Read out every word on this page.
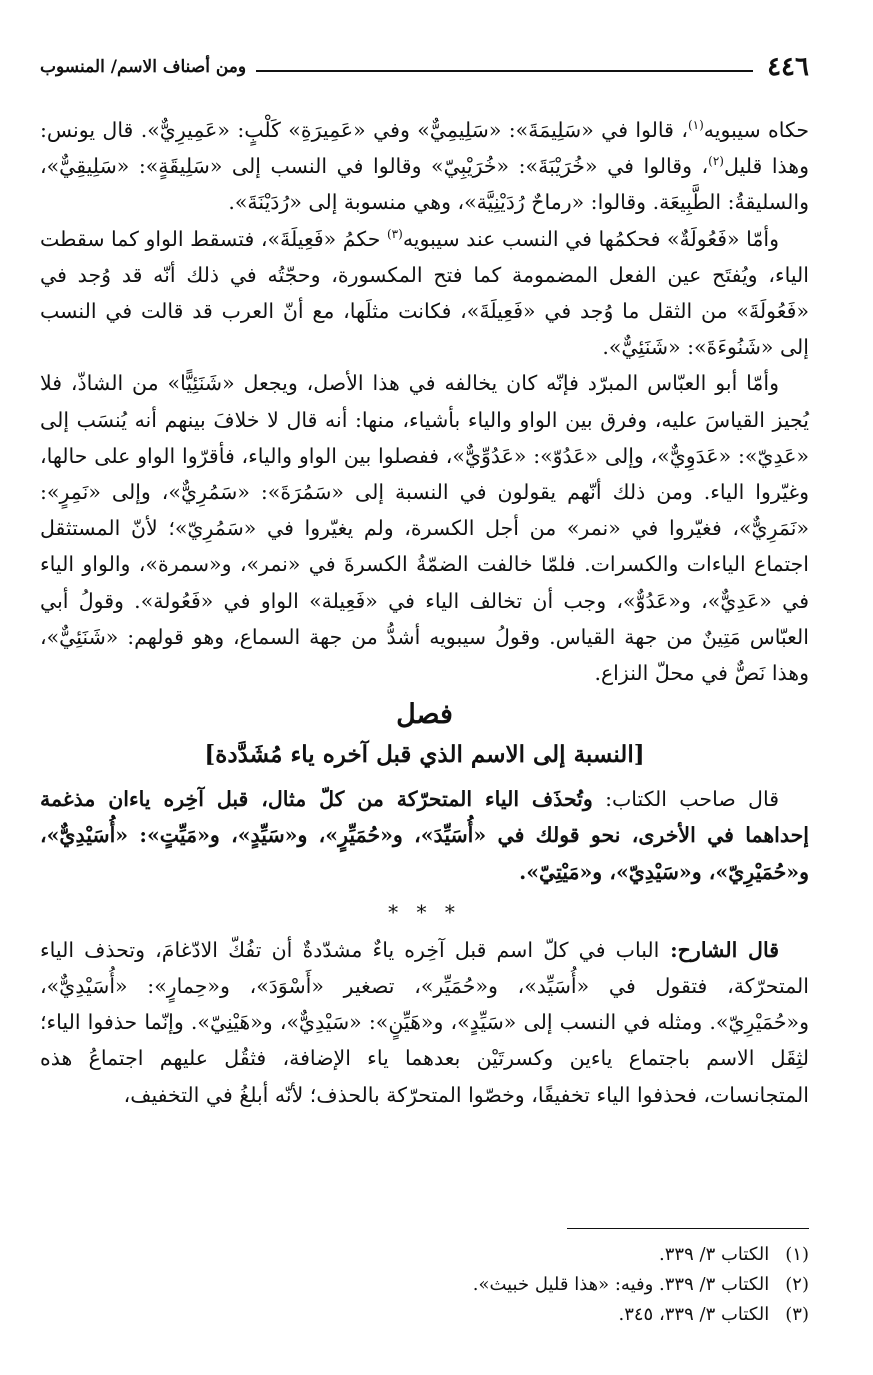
٤٤٦
ومن أصناف الاسم/ المنسوب

حكاه سيبويه$^{(١)}$، قالوا في «سَلِيمَةَ»: «سَلِيمِيٌّ» وفي «عَمِيرَةِ» كَلْبٍ: «عَمِيرِيٌّ». قال يونس: وهذا قليل$^{(٢)}$، وقالوا في «خُرَيْبَةَ»: «خُرَيْبِيّ» وقالوا في النسب إلى «سَلِيقَةٍ»: «سَلِيقِيٌّ»، والسليقةُ: الطَّبِيعَة. وقالوا: «رماحٌ رُدَيْنِيَّة»، وهي منسوبة إلى «رُدَيْنَةَ».

وأمّا «فَعُولَةٌ» فحكمُها في النسب عند سيبويه$^{(٣)}$ حكمُ «فَعِيلَةَ»، فتسقط الواو كما سقطت الياء، ويُفتَح عين الفعل المضمومة كما فتح المكسورة، وحجّتُه في ذلك أنّه قد وُجد في «فَعُولَةَ» من الثقل ما وُجد في «فَعِيلَةَ»، فكانت مثلَها، مع أنّ العرب قد قالت في النسب إلى «شَنُوءَةَ»: «شَنَئِيٌّ».

وأمّا أبو العبّاس المبرّد فإنّه كان يخالفه في هذا الأصل، ويجعل «شَنَئِيًّا» من الشاذّ، فلا يُجيز القياسَ عليه، وفرق بين الواو والياء بأشياء، منها: أنه قال لا خلافَ بينهم أنه يُنسَب إلى «عَدِيّ»: «عَدَوِيٌّ»، وإلى «عَدُوّ»: «عَدُوِّيٌّ»، ففصلوا بين الواو والياء، فأقرّوا الواو على حالها، وغيّروا الياء. ومن ذلك أنّهم يقولون في النسبة إلى «سَمُرَةَ»: «سَمُرِيٌّ»، وإلى «نَمِرٍ»: «نَمَرِيٌّ»، فغيّروا في «نمر» من أجل الكسرة، ولم يغيّروا في «سَمُرِيّ»؛ لأنّ المستثقل اجتماع الياءات والكسرات. فلمّا خالفت الضمّةُ الكسرةَ في «نمر»، و«سمرة»، والواو الياء في «عَدِيٌّ»، و«عَدُوٌّ»، وجب أن تخالف الياء في «فَعِيلة» الواو في «فَعُولة». وقولُ أبي العبّاس مَتِينٌ من جهة القياس. وقولُ سيبويه أشدُّ من جهة السماع، وهو قولهم: «شَنَئِيٌّ»، وهذا نَصٌّ في محلّ النزاع.

فصل
[النسبة إلى الاسم الذي قبل آخره ياء مُشَدَّدة]

قال صاحب الكتاب: وتُحذَف الياء المتحرّكة من كلّ مثال، قبل آخِره ياءان مذغمة إحداهما في الأخرى، نحو قولك في «أُسَيِّدَ»، و«حُمَيِّرٍ»، و«سَيِّدٍ»، و«مَيِّتٍ»: «أُسَيْدِيٌّ»، و«حُمَيْرِيّ»، و«سَيْدِيّ»، و«مَيْتِيّ».

* * *

قال الشارح: الباب في كلّ اسم قبل آخِره ياءٌ مشدّدةٌ أن تفُكّ الادّغامَ، وتحذف الياء المتحرّكة، فتقول في «أُسَيِّد»، و«حُمَيِّر»، تصغير «أَسْوَدَ»، و«حِمارٍ»: «أُسَيْدِيٌّ»، و«حُمَيْرِيّ». ومثله في النسب إلى «سَيِّدٍ»، و«هَيِّنٍ»: «سَيْدِيٌّ»، و«هَيْنِيّ». وإنّما حذفوا الياء؛ لثِقَل الاسم باجتماع ياءين وكسرتَيْن بعدهما ياء الإضافة، فثقُل عليهم اجتماعُ هذه المتجانسات، فحذفوا الياء تخفيفًا، وخصّوا المتحرّكة بالحذف؛ لأنّه أبلغُ في التخفيف،

(١) الكتاب ٣/ ٣٣٩.

(٢) الكتاب ٣/ ٣٣٩. وفيه: «هذا قليل خبيث».

(٣) الكتاب ٣/ ٣٣٩، ٣٤٥.
